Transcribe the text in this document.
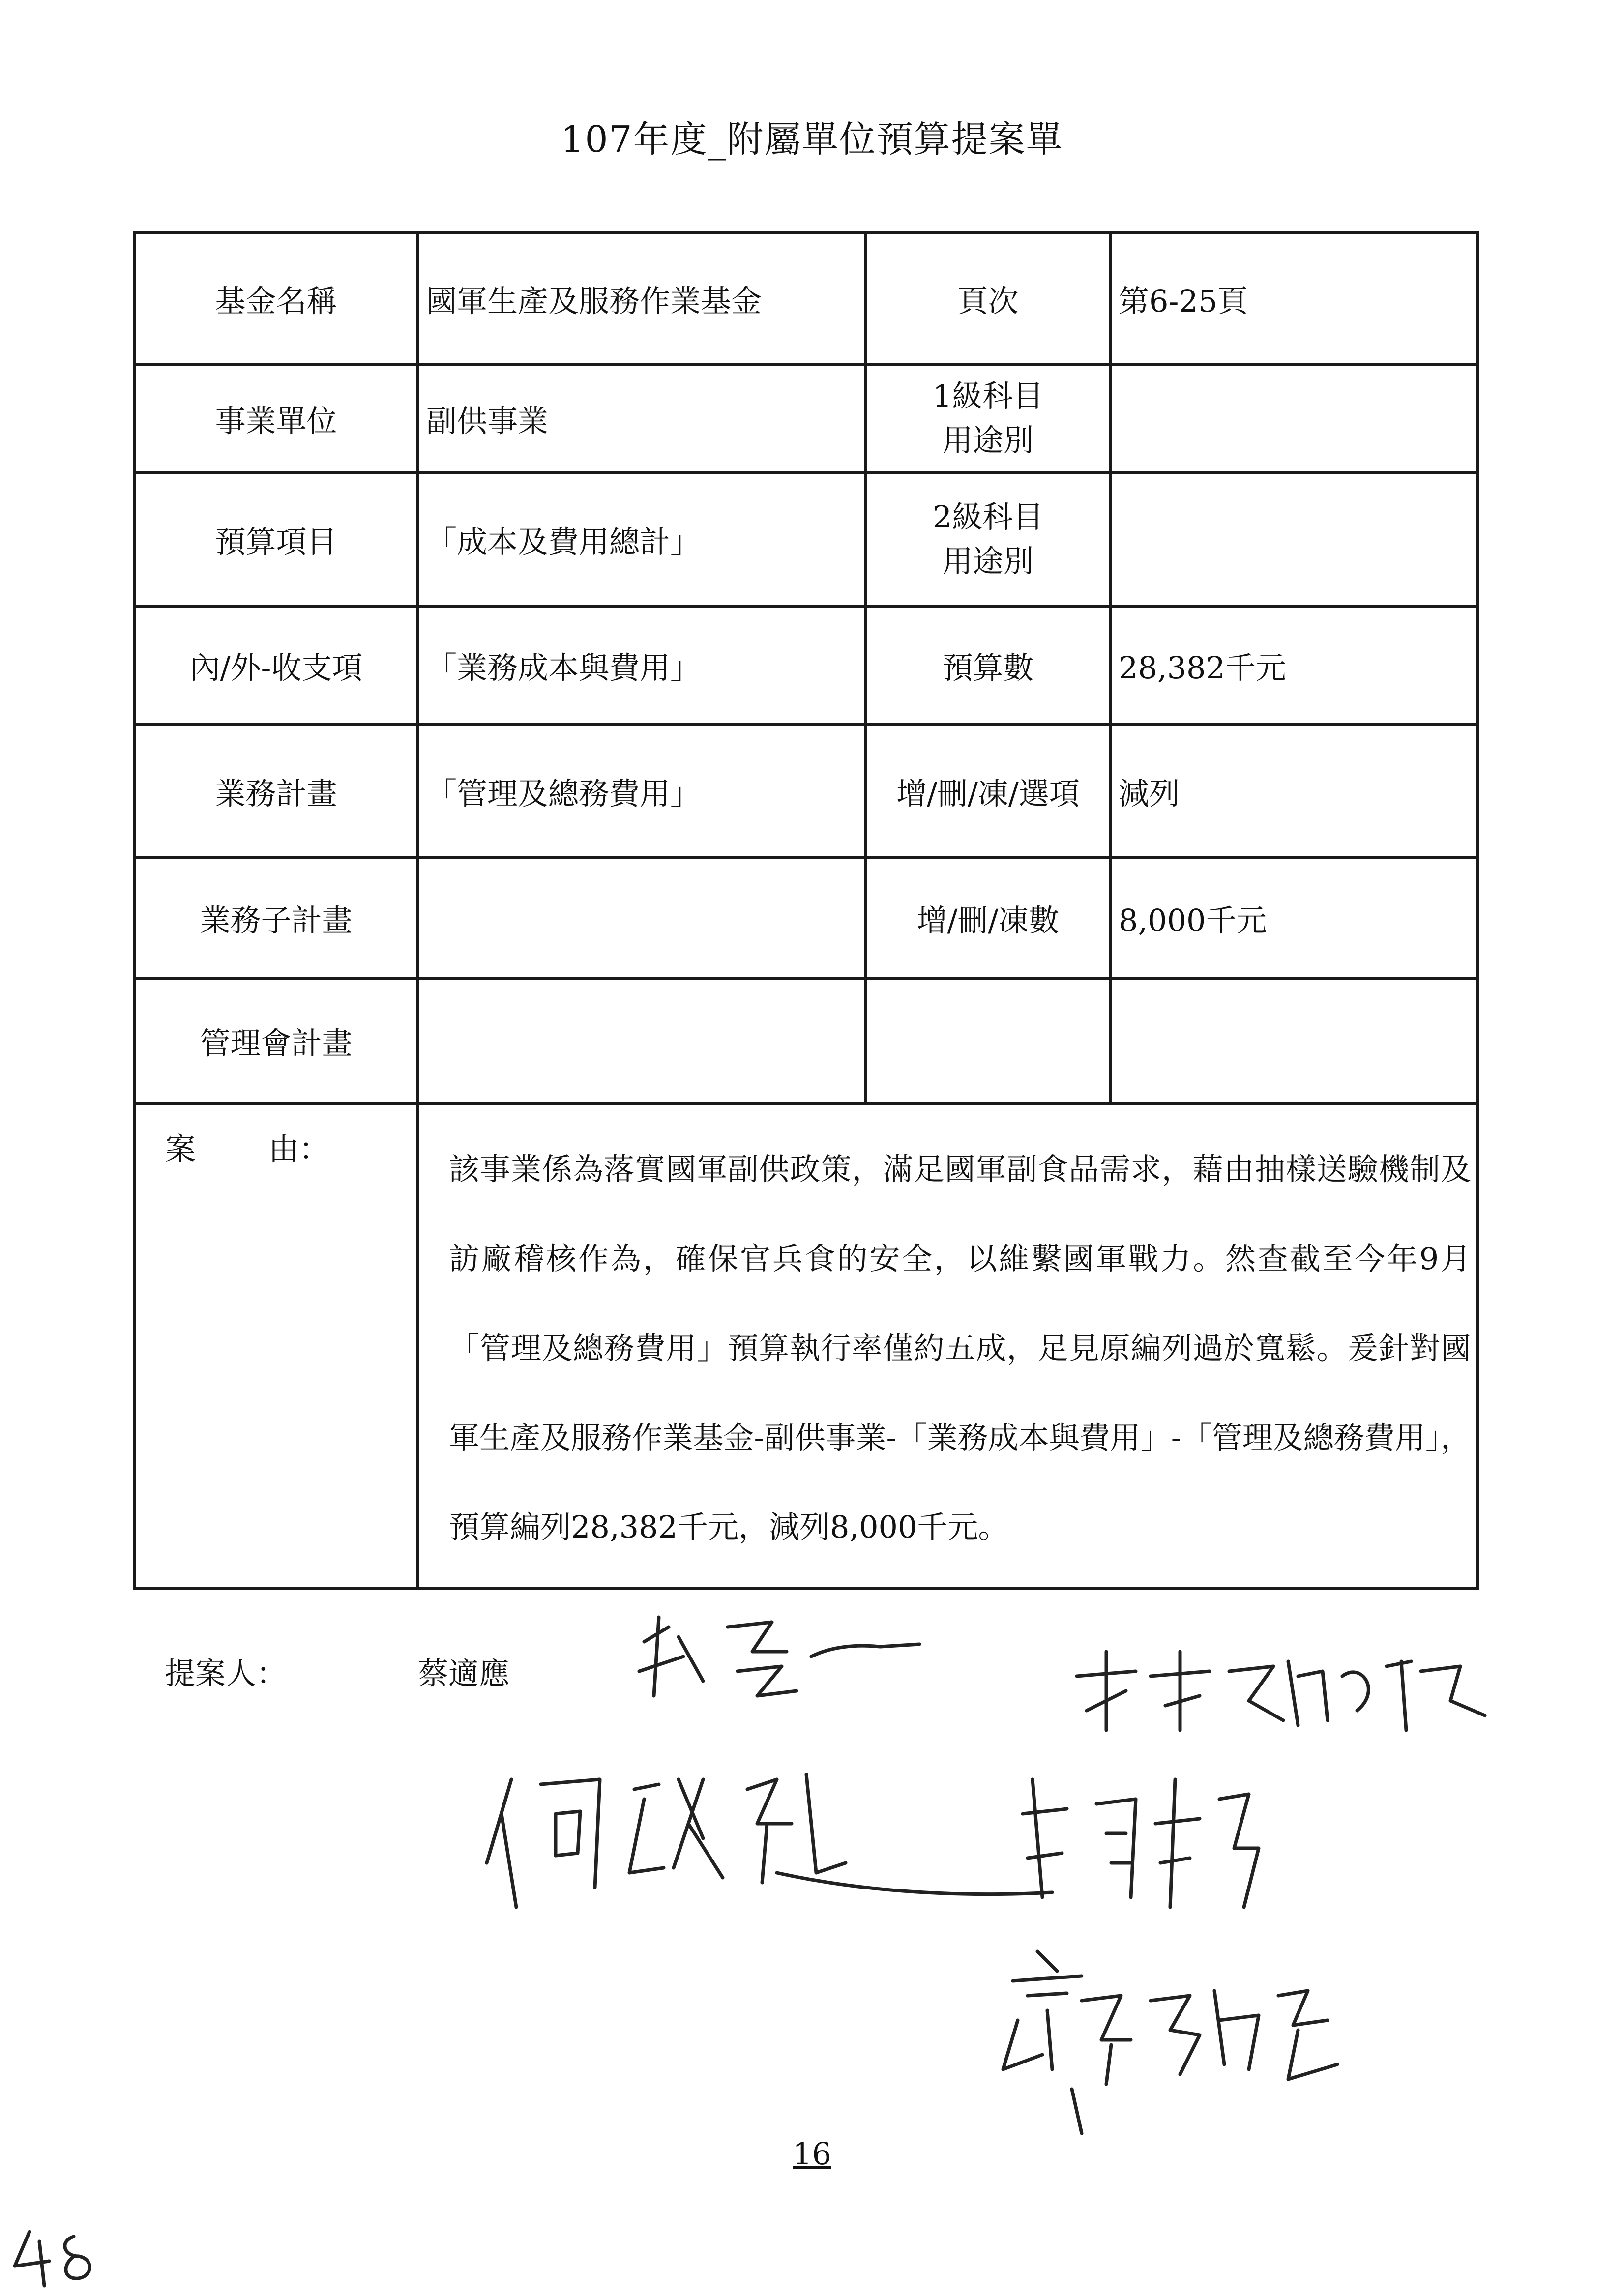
107年度_附屬單位預算提案單
基金名稱	國軍生產及服務作業基金	頁次	第6-25頁
事業單位	副供事業	1級科目
用途別	

預算項目	「成本及費用總計」	2級科目
用途別	

內/外-收支項	「業務成本與費用」	預算數	28,382千元
業務計畫	「管理及總務費用」	增/刪/凍/選項	減列
業務子計畫		增/刪/凍數	8,000千元
管理會計畫			
案 由：	該事業係為落實國軍副供政策，滿足國軍副食品需求，藉由抽樣送驗機制及訪廠稽核作為，確保官兵食的安全，以維繫國軍戰力。然查截至今年9月「管理及總務費用」預算執行率僅約五成，足見原編列過於寬鬆。爰針對國軍生產及服務作業基金-副供事業-「業務成本與費用」-「管理及總務費用」，預算編列28,382千元，減列8,000千元。		
提案人：	蔡適應
16
